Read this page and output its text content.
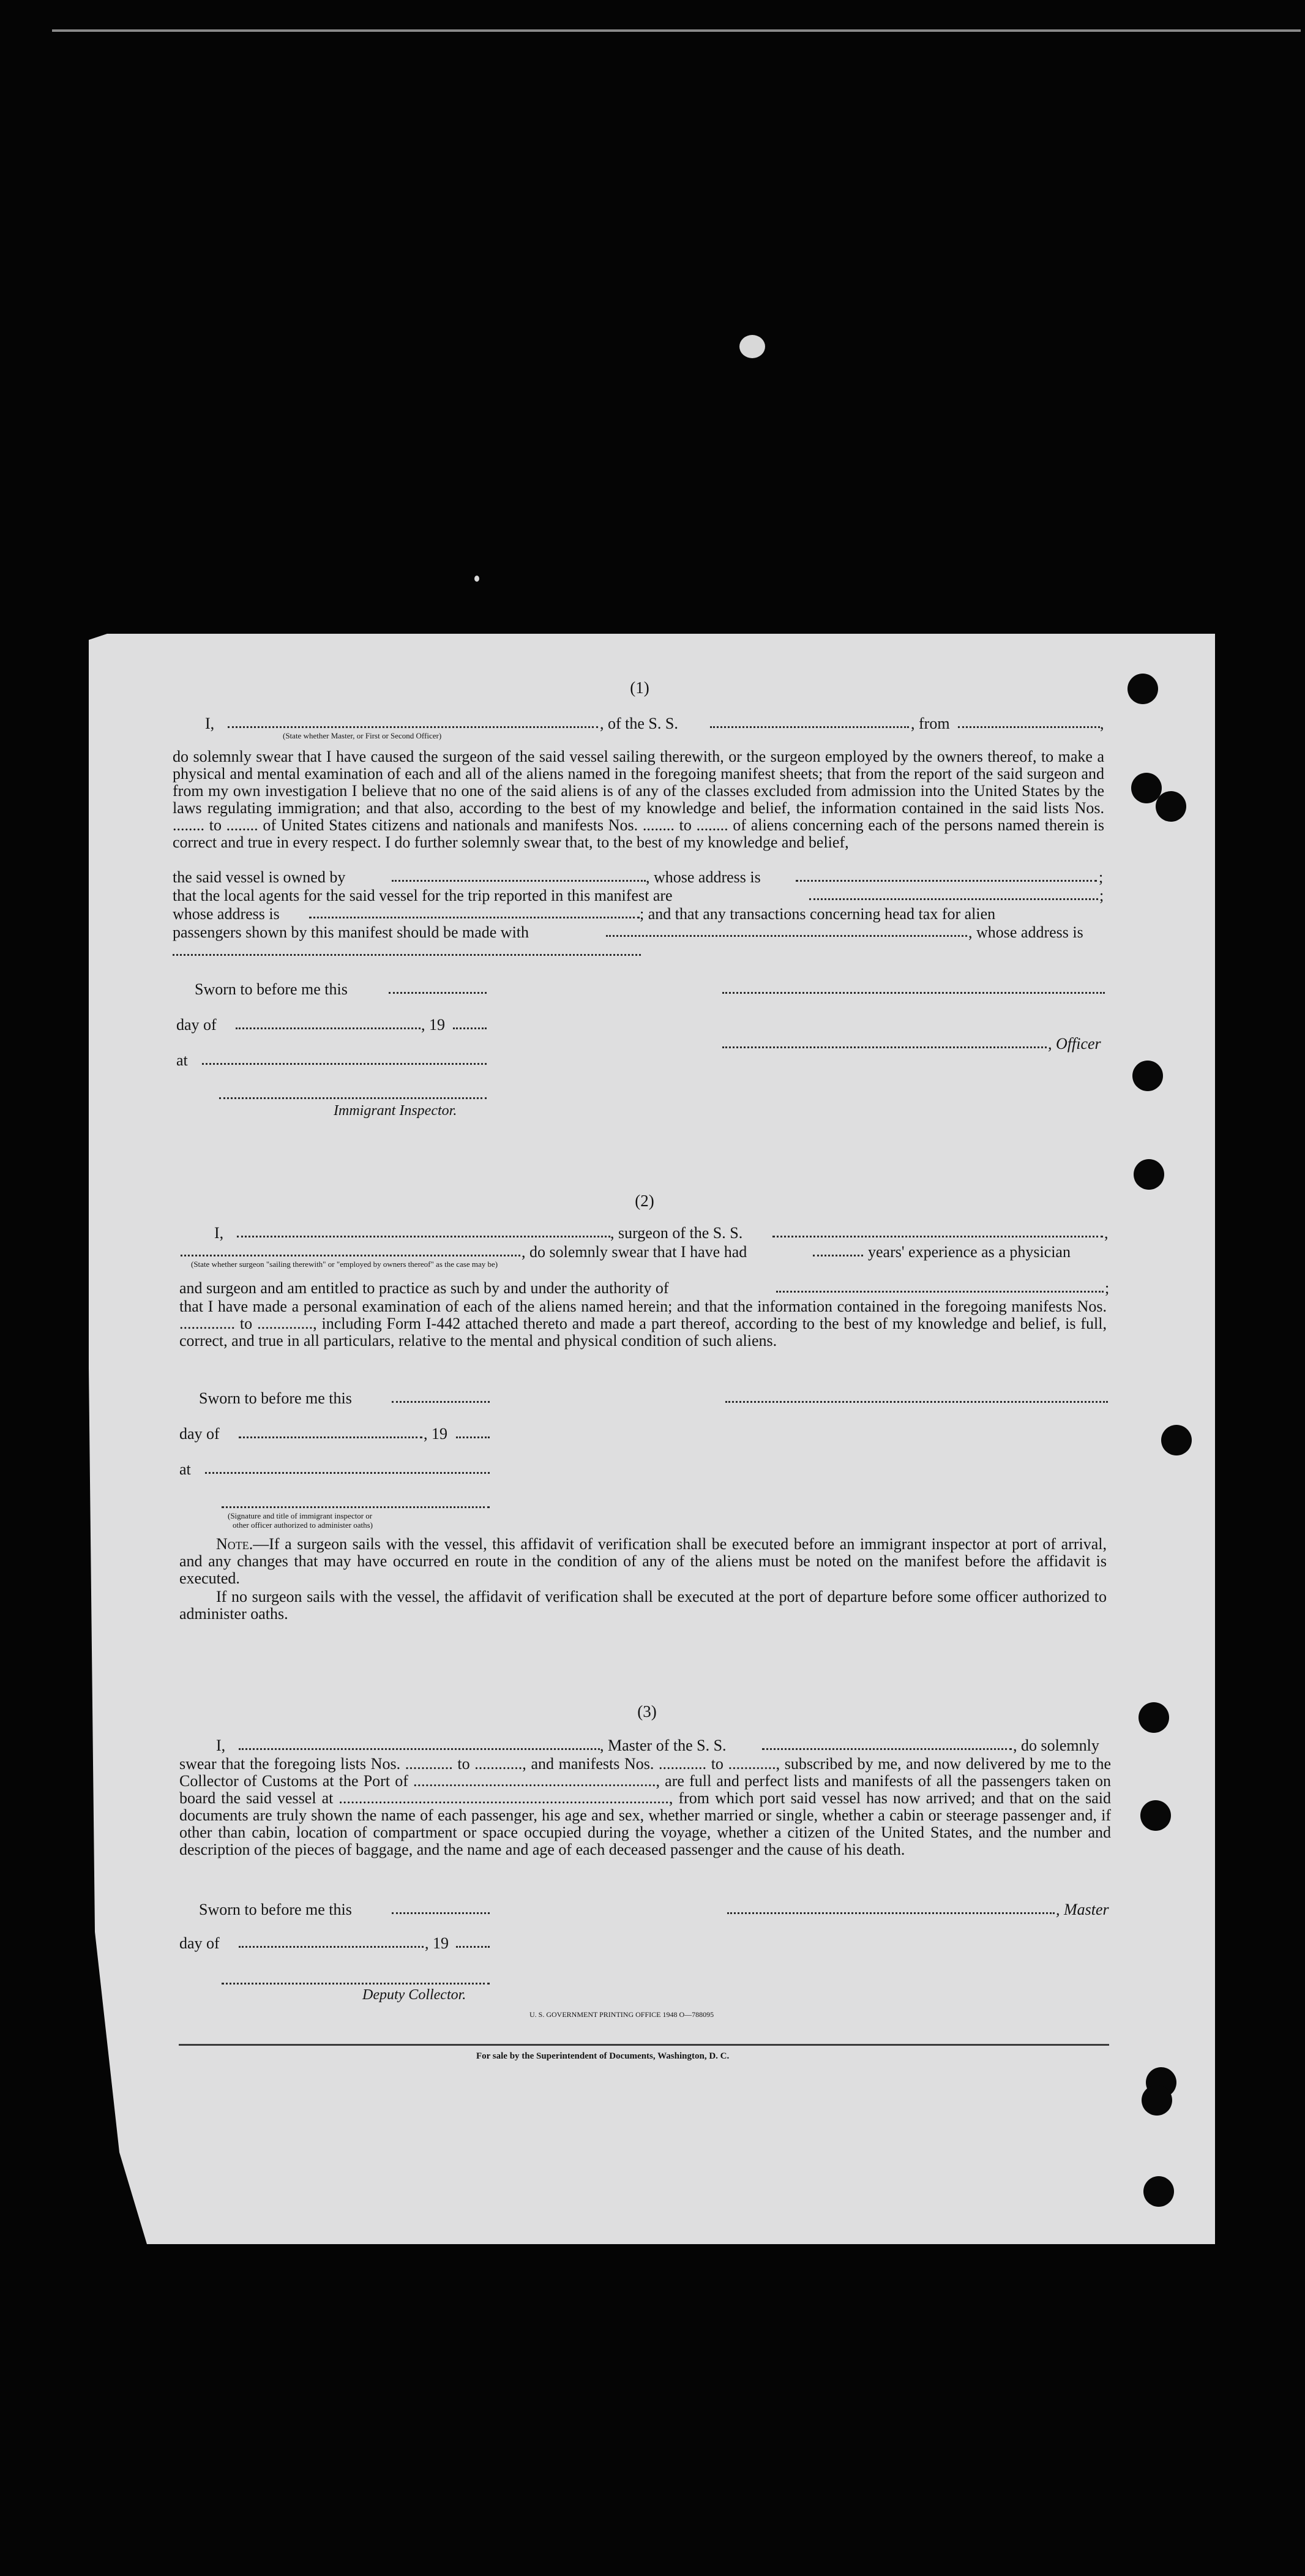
(1)
I,	, of the S. S.	, from	,
(State whether Master, or First or Second Officer)
do solemnly swear that I have caused the surgeon of the said vessel sailing therewith, or the surgeon employed by the owners thereof, to make a physical and mental examination of each and all of the aliens named in the foregoing manifest sheets; that from the report of the said surgeon and from my own investigation I believe that no one of the said aliens is of any of the classes excluded from admission into the United States by the laws regulating immigration; and that also, according to the best of my knowledge and belief, the information contained in the said lists Nos. ........ to ........ of United States citizens and nationals and manifests Nos. ........ to ........ of aliens concerning each of the persons named therein is correct and true in every respect. I do further solemnly swear that, to the best of my knowledge and belief,
the said vessel is owned by	, whose address is	;
that the local agents for the said vessel for the trip reported in this manifest are	;
whose address is	; and that any transactions concerning head tax for alien
passengers shown by this manifest should be made with	, whose address is
Sworn to before me this
day of	, 19
, Officer
at
Immigrant Inspector.
(2)
I,	, surgeon of the S. S.	,
, do solemnly swear that I have had	years' experience as a physician
(State whether surgeon "sailing therewith" or "employed by owners thereof" as the case may be)
and surgeon and am entitled to practice as such by and under the authority of	;
that I have made a personal examination of each of the aliens named herein; and that the information contained in the foregoing manifests Nos. .............. to .............., including Form I-442 attached thereto and made a part thereof, according to the best of my knowledge and belief, is full, correct, and true in all particulars, relative to the mental and physical condition of such aliens.
Sworn to before me this
day of	, 19
at
(Signature and title of immigrant inspector or
other officer authorized to administer oaths)
Note.—If a surgeon sails with the vessel, this affidavit of verification shall be executed before an immigrant inspector at port of arrival, and any changes that may have occurred en route in the condition of any of the aliens must be noted on the manifest before the affidavit is executed.
If no surgeon sails with the vessel, the affidavit of verification shall be executed at the port of departure before some officer authorized to administer oaths.
(3)
I,	, Master of the S. S.	, do solemnly
swear that the foregoing lists Nos. ............ to ............, and manifests Nos. ............ to ............, subscribed by me, and now delivered by me to the Collector of Customs at the Port of ............................................................., are full and perfect lists and manifests of all the passengers taken on board the said vessel at ..................................................................................., from which port said vessel has now arrived; and that on the said documents are truly shown the name of each passenger, his age and sex, whether married or single, whether a cabin or steerage passenger and, if other than cabin, location of compartment or space occupied during the voyage, whether a citizen of the United States, and the number and description of the pieces of baggage, and the name and age of each deceased passenger and the cause of his death.
Sworn to before me this	, Master
day of	, 19
Deputy Collector.
U. S. GOVERNMENT PRINTING OFFICE 1948 O—788095
For sale by the Superintendent of Documents, Washington, D. C.
